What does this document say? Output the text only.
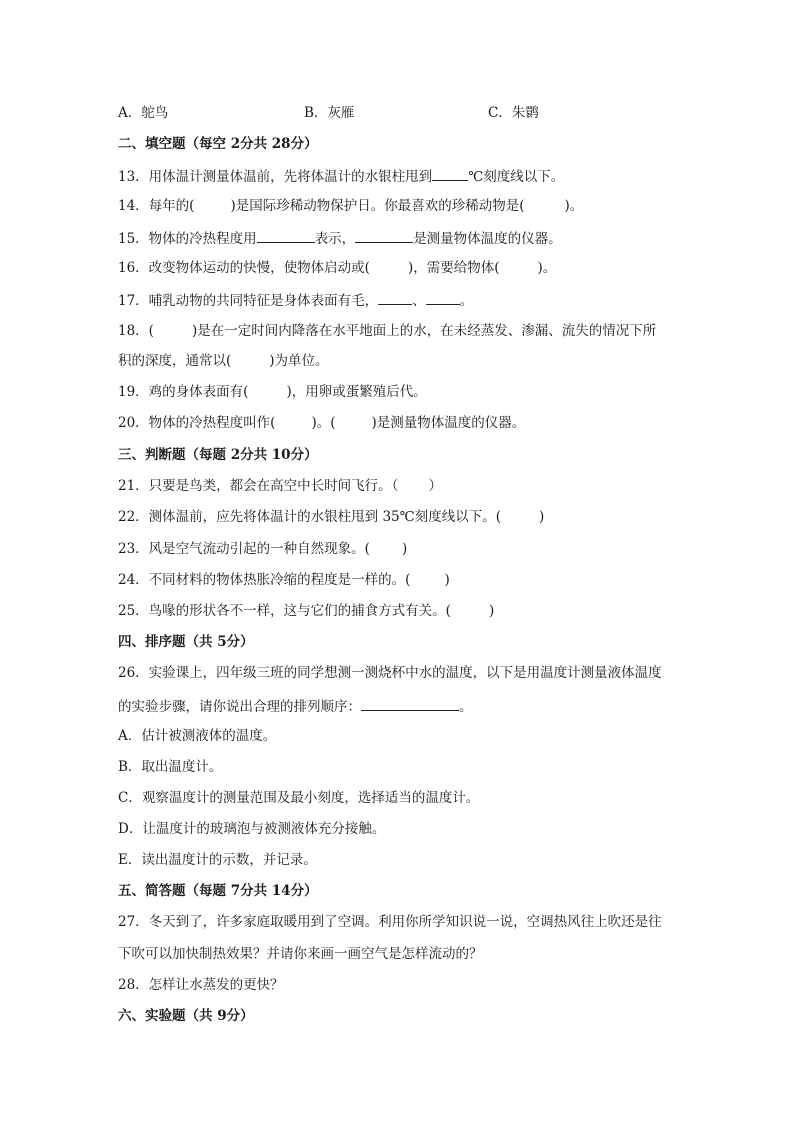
A．鸵鸟	B．灰雁	C．朱鹮
二、填空题（每空 2分共 28分）
13．用体温计测量体温前，先将体温计的水银柱甩到	℃刻度线以下。
14．每年的(	)是国际珍稀动物保护日。你最喜欢的珍稀动物是(	)。
15．物体的冷热程度用	表示，	是测量物体温度的仪器。
16．改变物体运动的快慢，使物体启动或(	)，需要给物体(	)。
17．哺乳动物的共同特征是身体表面有毛，	、	。
18．(	)是在一定时间内降落在水平地面上的水，在未经蒸发、渗漏、流失的情况下所
积的深度，通常以(	)为单位。
19．鸡的身体表面有(	)，用卵或蛋繁殖后代。
20．物体的冷热程度叫作(	)。(	)是测量物体温度的仪器。
三、判断题（每题 2分共 10分）
21．只要是鸟类，都会在高空中长时间飞行。（ ）
22．测体温前，应先将体温计的水银柱甩到 35℃刻度线以下。(	)
23．风是空气流动引起的一种自然现象。( )
24．不同材料的物体热胀冷缩的程度是一样的。(	)
25．鸟喙的形状各不一样，这与它们的捕食方式有关。(	)
四、排序题（共 5分）
26．实验课上，四年级三班的同学想测一测烧杯中水的温度，以下是用温度计测量液体温度
的实验步骤，请你说出合理的排列顺序：	。
A．估计被测液体的温度。
B．取出温度计。
C．观察温度计的测量范围及最小刻度，选择适当的温度计。
D．让温度计的玻璃泡与被测液体充分接触。
E．读出温度计的示数，并记录。
五、简答题（每题 7分共 14分）
27．冬天到了，许多家庭取暖用到了空调。利用你所学知识说一说，空调热风往上吹还是往
下吹可以加快制热效果？并请你来画一画空气是怎样流动的？
28．怎样让水蒸发的更快？
六、实验题（共 9分）
